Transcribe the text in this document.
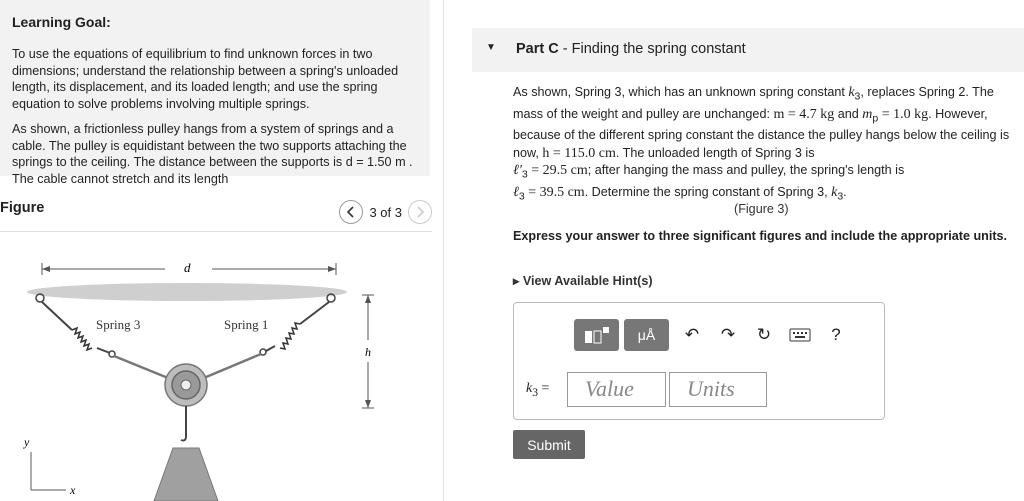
Learning Goal:

To use the equations of equilibrium to find unknown forces in two dimensions; understand the relationship between a spring's unloaded length, its displacement, and its loaded length; and use the spring equation to solve problems involving multiple springs.

As shown, a frictionless pulley hangs from a system of springs and a cable. The pulley is equidistant between the two supports attaching the springs to the ceiling. The distance between the supports is d = 1.50 m . The cable cannot stretch and its length

Figure	3 of 3
d
Spring 3	Spring 1
h
y
x
▼ Part C - Finding the spring constant
As shown, Spring 3, which has an unknown spring constant $k_3$, replaces Spring 2. The mass of the weight and pulley are unchanged: m = 4.7 kg and $m_p = 1.0$ kg. However, because of the different spring constant the distance the pulley hangs below the ceiling is now, h = 115.0 cm. The unloaded length of Spring 3 is
$\ell'_3 = 29.5$ cm; after hanging the mass and pulley, the spring's length is
ℓ$_3$ = 39.5 cm. Determine the spring constant of Spring 3, $k_3$.
(Figure 3)
Express your answer to three significant figures and include the appropriate units.
▸ View Available Hint(s)
μÅ	↶	↷	↻	?
$k_3$ =	Value	Units
Submit
